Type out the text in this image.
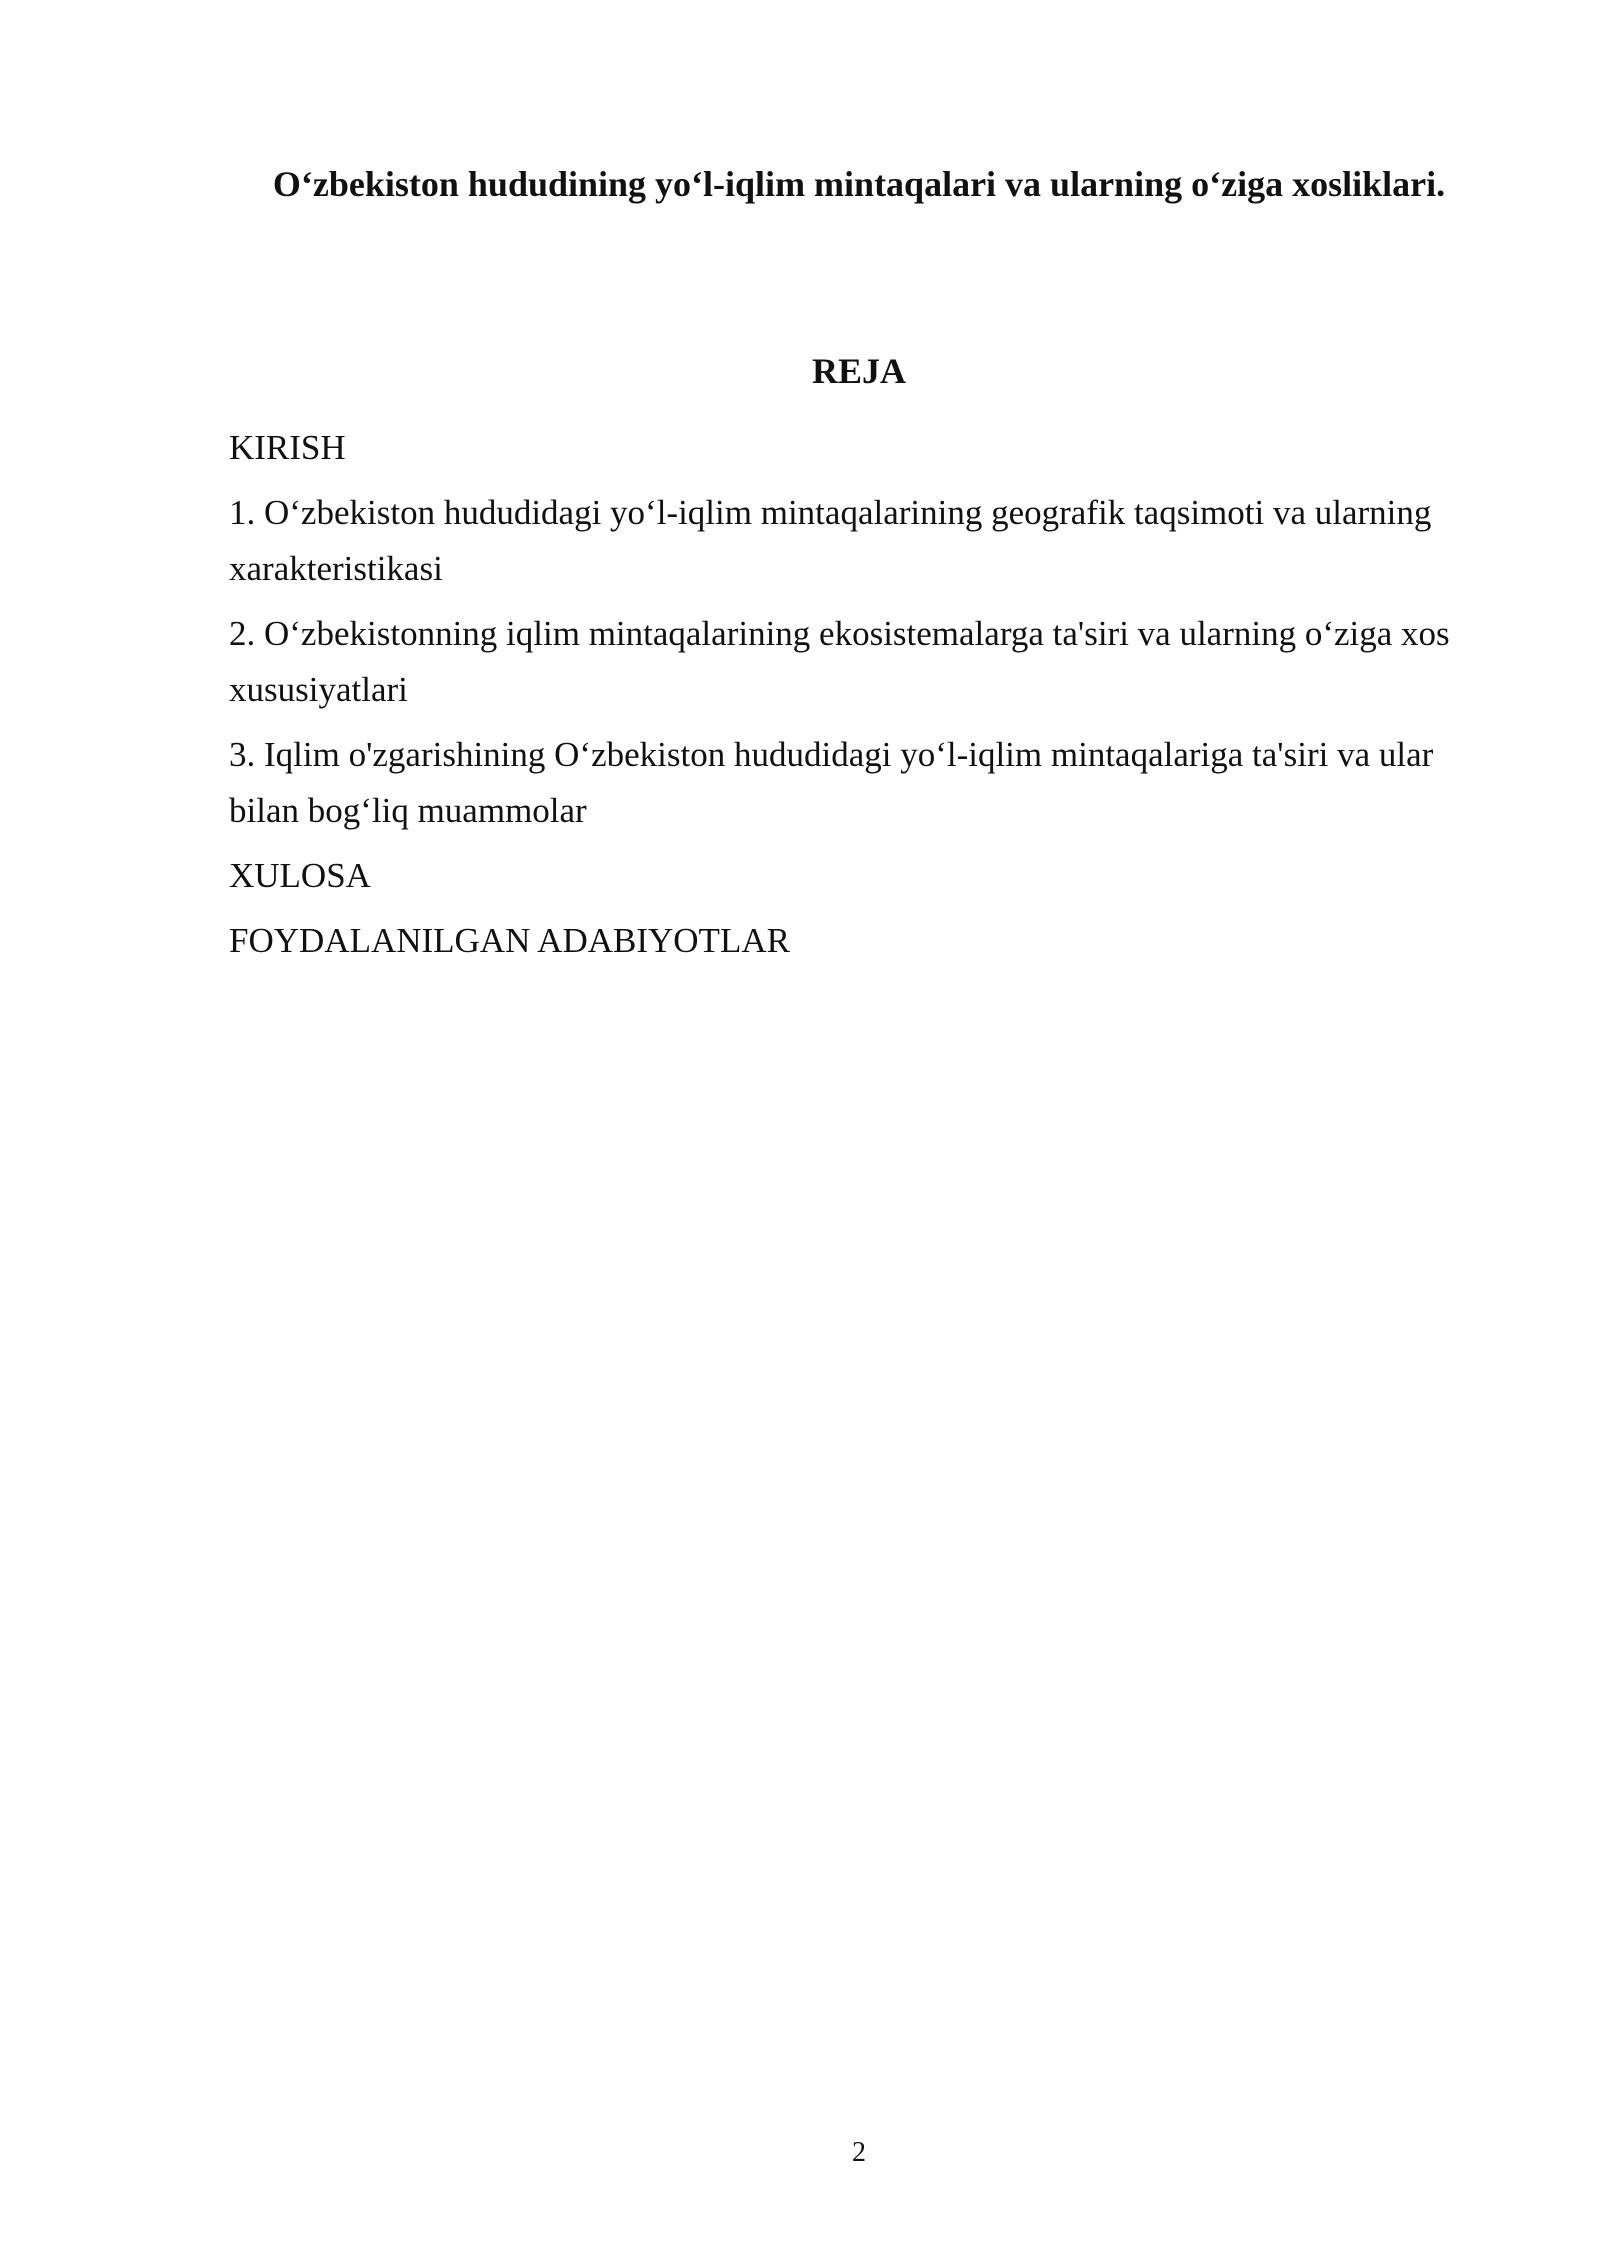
O‘zbekiston hududining yo‘l-iqlim mintaqalari va ularning o‘ziga xosliklari.
REJA
KIRISH
1. O‘zbekiston hududidagi yo‘l-iqlim mintaqalarining geografik taqsimoti va ularning xarakteristikasi
2. O‘zbekistonning iqlim mintaqalarining ekosistemalarga ta'siri va ularning o‘ziga xos xususiyatlari
3. Iqlim o'zgarishining O‘zbekiston hududidagi yo‘l-iqlim mintaqalariga ta'siri va ular bilan bog‘liq muammolar
XULOSA
FOYDALANILGAN ADABIYOTLAR
2
